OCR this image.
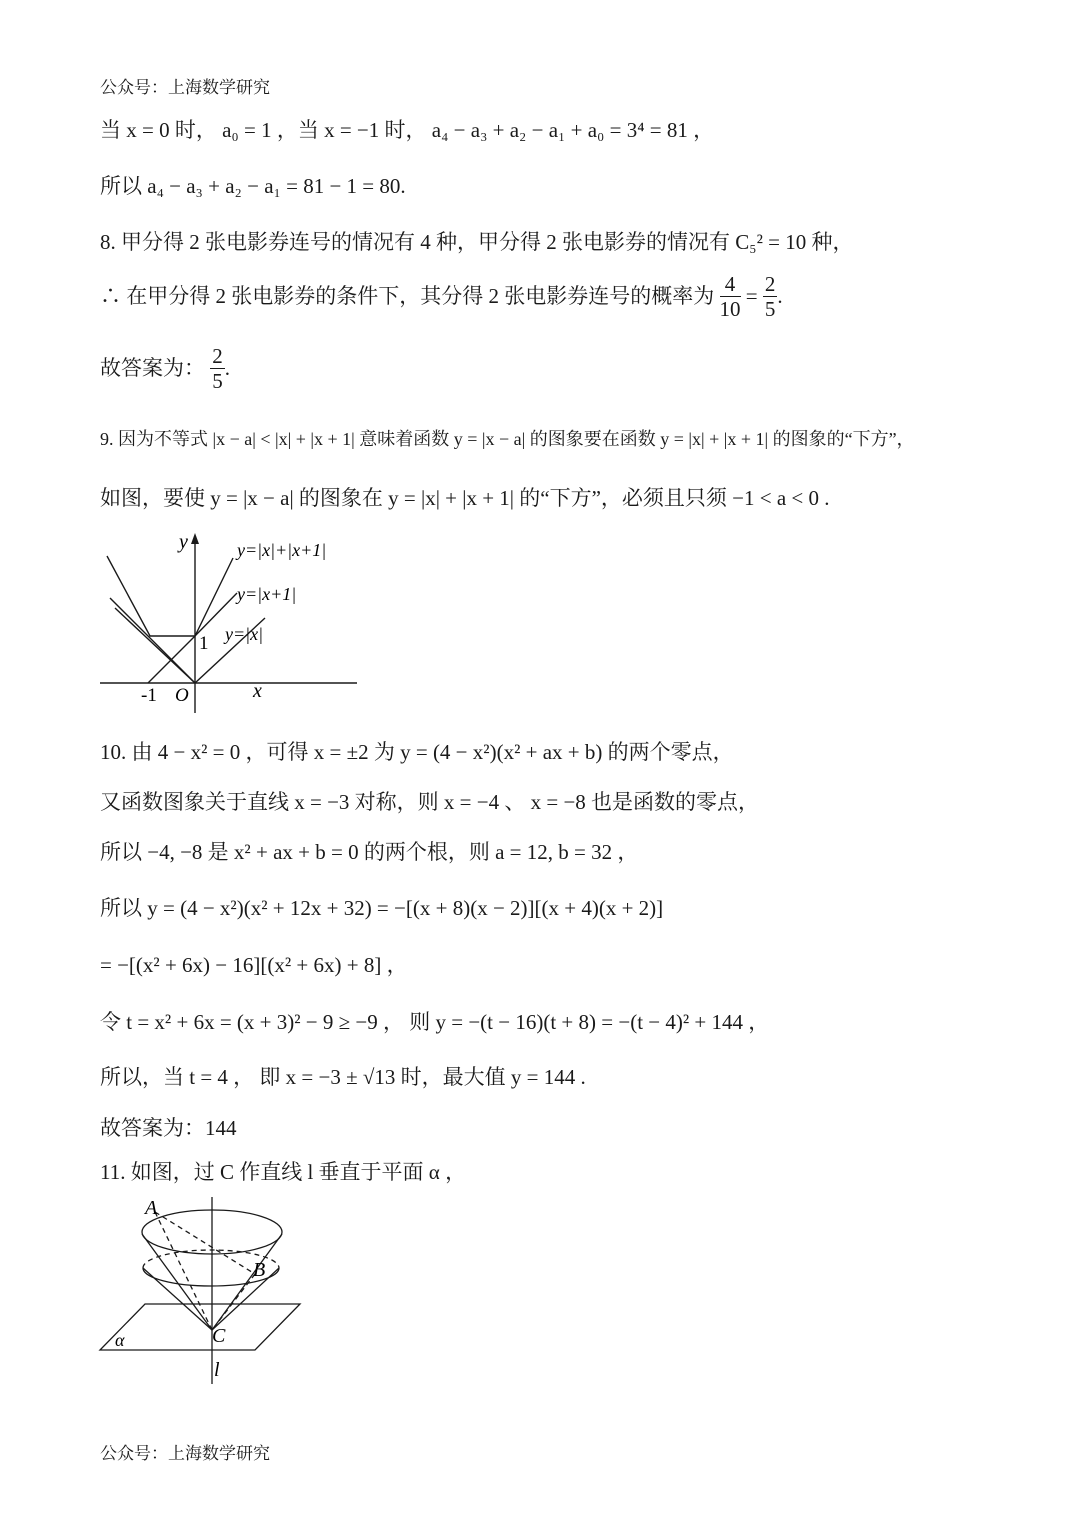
公众号：上海数学研究
当 x = 0 时， a₀ = 1 ，当 x = −1 时， a₄ − a₃ + a₂ − a₁ + a₀ = 3⁴ = 81 ，
所以 a₄ − a₃ + a₂ − a₁ = 81 − 1 = 80.
8. 甲分得 2 张电影券连号的情况有 4 种，甲分得 2 张电影券的情况有 C₅² = 10 种，
∴ 在甲分得 2 张电影券的条件下，其分得 2 张电影券连号的概率为 $\frac{4}{10} = \frac{2}{5}$ .
故答案为： $\frac{2}{5}$ .
9. 因为不等式 |x − a| < |x| + |x + 1| 意味着函数 y = |x − a| 的图象要在函数 y = |x| + |x + 1| 的图象的“下方”，
如图，要使 y = |x − a| 的图象在 y = |x| + |x + 1| 的“下方”，必须且只须 −1 < a < 0 .
y
x
O
-1
1
y=|x|+|x+1|
y=|x+1|
y=|x|
10. 由 4 − x² = 0 ，可得 x = ±2 为 y = (4 − x²)(x² + ax + b) 的两个零点，
又函数图象关于直线 x = −3 对称，则 x = −4 、 x = −8 也是函数的零点，
所以 −4, −8 是 x² + ax + b = 0 的两个根，则 a = 12, b = 32 ，
所以 y = (4 − x²)(x² + 12x + 32) = −[(x + 8)(x − 2)][(x + 4)(x + 2)]
= −[(x² + 6x) − 16][(x² + 6x) + 8] ，
令 t = x² + 6x = (x + 3)² − 9 ≥ −9 ， 则 y = −(t − 16)(t + 8) = −(t − 4)² + 144 ，
所以，当 t = 4 ， 即 x = −3 ± √13 时，最大值 y = 144 .
故答案为：144
11. 如图，过 C 作直线 l 垂直于平面 α ，
A
B
C
α
l
公众号：上海数学研究
